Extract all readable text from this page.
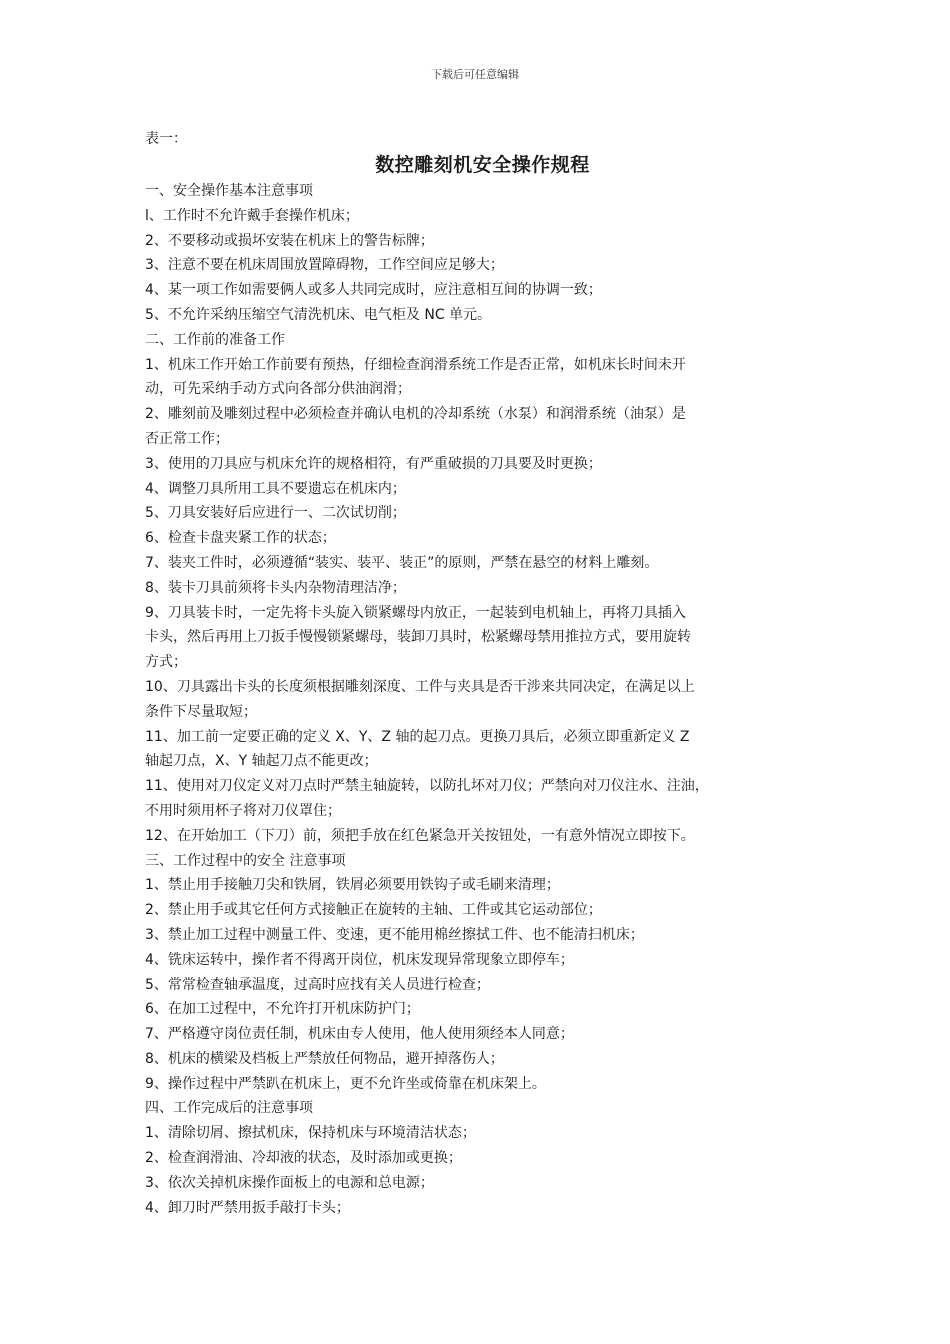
下载后可任意编辑

表一：

数控雕刻机安全操作规程

一、安全操作基本注意事项

l、工作时不允许戴手套操作机床；

2、不要移动或损坏安装在机床上的警告标牌；

3、注意不要在机床周围放置障碍物，工作空间应足够大；

4、某一项工作如需要俩人或多人共同完成时，应注意相互间的协调一致；

5、不允许采纳压缩空气清洗机床、电气柜及 NC 单元。

二、工作前的准备工作

1、机床工作开始工作前要有预热，仔细检查润滑系统工作是否正常，如机床长时间未开

动，可先采纳手动方式向各部分供油润滑；

2、雕刻前及雕刻过程中必须检查并确认电机的冷却系统（水泵）和润滑系统（油泵）是

否正常工作；

3、使用的刀具应与机床允许的规格相符，有严重破损的刀具要及时更换；

4、调整刀具所用工具不要遗忘在机床内；

5、刀具安装好后应进行一、二次试切削；

6、检查卡盘夹紧工作的状态；

7、装夹工件时，必须遵循“装实、装平、装正”的原则，严禁在悬空的材料上雕刻。

8、装卡刀具前须将卡头内杂物清理洁净；

9、刀具装卡时，一定先将卡头旋入锁紧螺母内放正，一起装到电机轴上，再将刀具插入

卡头，然后再用上刀扳手慢慢锁紧螺母，装卸刀具时，松紧螺母禁用推拉方式，要用旋转

方式；

10、刀具露出卡头的长度须根据雕刻深度、工件与夹具是否干涉来共同决定，在满足以上

条件下尽量取短；

11、加工前一定要正确的定义 X、Y、Z 轴的起刀点。更换刀具后，必须立即重新定义 Z

轴起刀点，X、Y 轴起刀点不能更改；

11、使用对刀仪定义对刀点时严禁主轴旋转，以防扎坏对刀仪；严禁向对刀仪注水、注油，

不用时须用杯子将对刀仪罩住；

12、在开始加工（下刀）前，须把手放在红色紧急开关按钮处，一有意外情况立即按下。

三、工作过程中的安全 注意事项

1、禁止用手接触刀尖和铁屑，铁屑必须要用铁钩子或毛刷来清理；

2、禁止用手或其它任何方式接触正在旋转的主轴、工件或其它运动部位；

3、禁止加工过程中测量工件、变速，更不能用棉丝擦拭工件、也不能清扫机床；

4、铣床运转中，操作者不得离开岗位，机床发现异常现象立即停车；

5、常常检查轴承温度，过高时应找有关人员进行检查；

6、在加工过程中，不允许打开机床防护门；

7、严格遵守岗位责任制，机床由专人使用，他人使用须经本人同意；

8、机床的横梁及档板上严禁放任何物品，避开掉落伤人；

9、操作过程中严禁趴在机床上，更不允许坐或倚靠在机床架上。

四、工作完成后的注意事项

1、清除切屑、擦拭机床，保持机床与环境清洁状态；

2、检查润滑油、冷却液的状态，及时添加或更换；

3、依次关掉机床操作面板上的电源和总电源；

4、卸刀时严禁用扳手敲打卡头；
